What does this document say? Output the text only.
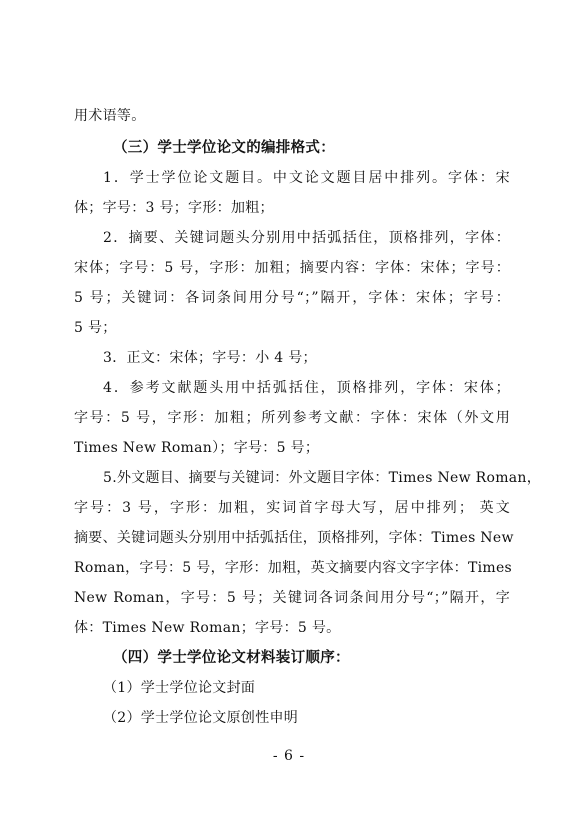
用术语等。
（三）学士学位论文的编排格式：
1．学士学位论文题目。中文论文题目居中排列。字体：宋
体；字号：3 号；字形：加粗；
2．摘要、关键词题头分别用中括弧括住，顶格排列，字体：
宋体；字号：5 号，字形：加粗；摘要内容：字体：宋体；字号：
5 号；关键词：各词条间用分号“；”隔开，字体：宋体；字号：
5 号；
3．正文：宋体；字号：小 4 号；
4．参考文献题头用中括弧括住，顶格排列，字体：宋体；
字号：5 号，字形：加粗；所列参考文献：字体：宋体（外文用
Times New Roman）；字号：5 号；
5.外文题目、摘要与关键词：外文题目字体：Times New Roman，
字号：3 号，字形：加粗，实词首字母大写，居中排列； 英文
摘要、关键词题头分别用中括弧括住，顶格排列，字体：Times New
Roman，字号：5 号，字形：加粗，英文摘要内容文字字体：Times
New Roman，字号：5 号；关键词各词条间用分号“；”隔开，字
体：Times New Roman；字号：5 号。
（四）学士学位论文材料装订顺序：
（1）学士学位论文封面
（2）学士学位论文原创性申明
- 6 -
